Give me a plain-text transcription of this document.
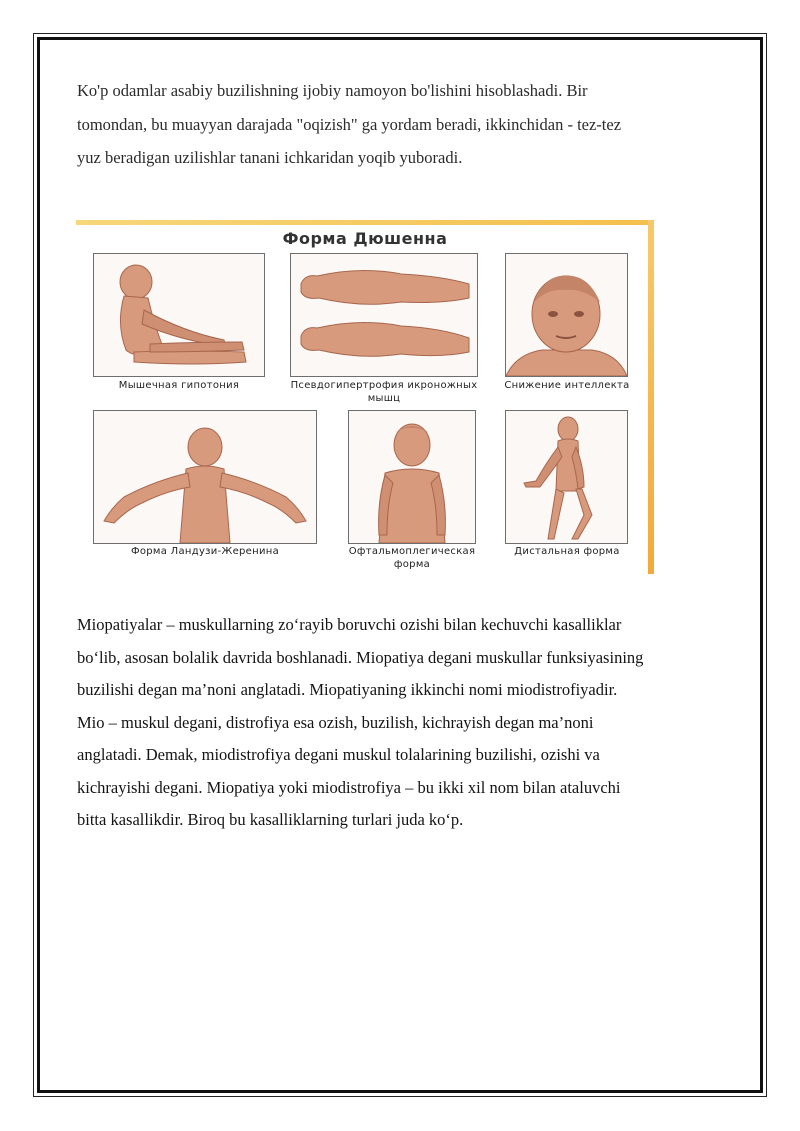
Ko'p odamlar asabiy buzilishning ijobiy namoyon bo'lishini hisoblashadi. Bir
tomondan, bu muayyan darajada "oqizish" ga yordam beradi, ikkinchidan - tez-tez
yuz beradigan uzilishlar tanani ichkaridan yoqib yuboradi.

Форма Дюшенна
Мышечная гипотония	Псевдогипертрофия икроножных
мышц
Снижение интеллекта
Форма Ландузи-Жеренина	Офтальмоплегическая
форма
Дистальная форма

Miopatiyalar – muskullarning zo‘rayib boruvchi ozishi bilan kechuvchi kasalliklar
bo‘lib, asosan bolalik davrida boshlanadi. Miopatiya degani muskullar funksiyasining
buzilishi degan ma’noni anglatadi. Miopatiyaning ikkinchi nomi miodistrofiyadir.
Mio – muskul degani, distrofiya esa ozish, buzilish, kichrayish degan ma’noni
anglatadi. Demak, miodistrofiya degani muskul tolalarining buzilishi, ozishi va
kichrayishi degani. Miopatiya yoki miodistrofiya – bu ikki xil nom bilan ataluvchi
bitta kasallikdir. Biroq bu kasalliklarning turlari juda ko‘p.
